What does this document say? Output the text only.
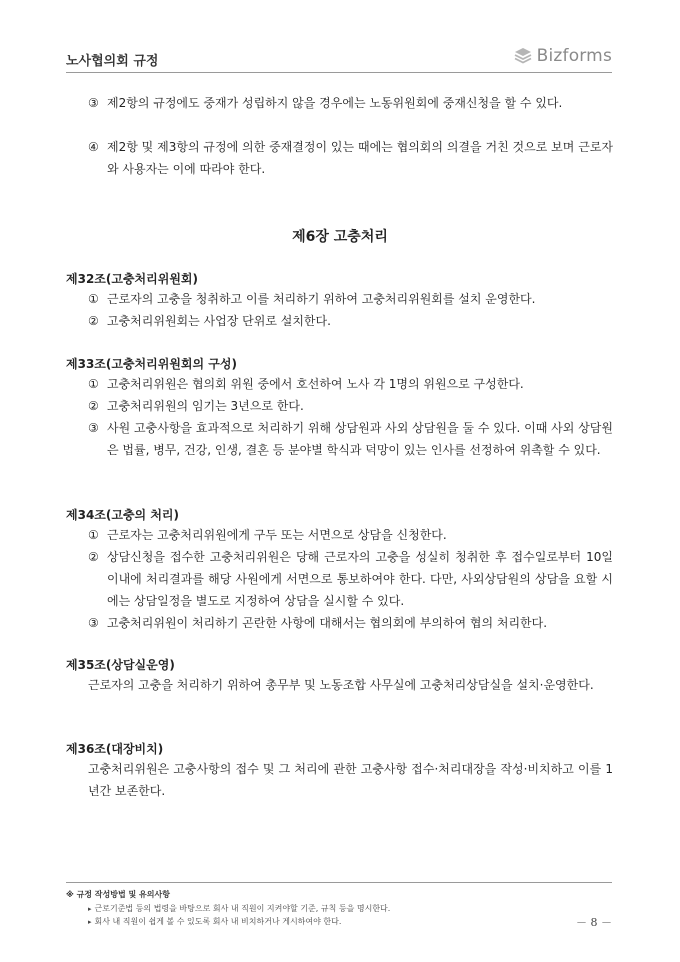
노사협의회 규정	Bizforms
③ 제2항의 규정에도 중재가 성립하지 않을 경우에는 노동위원회에 중재신청을 할 수 있다.
④ 제2항 및 제3항의 규정에 의한 중재결정이 있는 때에는 협의회의 의결을 거친 것으로 보며 근로자와 사용자는 이에 따라야 한다.
제6장 고충처리
제32조(고충처리위원회)
① 근로자의 고충을 청취하고 이를 처리하기 위하여 고충처리위원회를 설치 운영한다.
② 고충처리위원회는 사업장 단위로 설치한다.
제33조(고충처리위원회의 구성)
① 고충처리위원은 협의회 위원 중에서 호선하여 노사 각 1명의 위원으로 구성한다.
② 고충처리위원의 임기는 3년으로 한다.
③ 사원 고충사항을 효과적으로 처리하기 위해 상담원과 사외 상담원을 둘 수 있다. 이때 사외 상담원은 법률, 병무, 건강, 인생, 결혼 등 분야별 학식과 덕망이 있는 인사를 선정하여 위촉할 수 있다.
제34조(고충의 처리)
① 근로자는 고충처리위원에게 구두 또는 서면으로 상담을 신청한다.
② 상담신청을 접수한 고충처리위원은 당해 근로자의 고충을 성실히 청취한 후 접수일로부터 10일 이내에 처리결과를 해당 사원에게 서면으로 통보하여야 한다. 다만, 사외상담원의 상담을 요할 시에는 상담일정을 별도로 지정하여 상담을 실시할 수 있다.
③ 고충처리위원이 처리하기 곤란한 사항에 대해서는 협의회에 부의하여 협의 처리한다.
제35조(상담실운영)
근로자의 고충을 처리하기 위하여 총무부 및 노동조합 사무실에 고충처리상담실을 설치·운영한다.
제36조(대장비치)
고충처리위원은 고충사항의 접수 및 그 처리에 관한 고충사항 접수·처리대장을 작성·비치하고 이를 1년간 보존한다.
※ 규정 작성방법 및 유의사항
▸ 근로기준법 등의 법령을 바탕으로 회사 내 직원이 지켜야할 기준, 규칙 등을 명시한다.
▸ 회사 내 직원이 쉽게 볼 수 있도록 회사 내 비치하거나 게시하여야 한다.	－ 8 －
